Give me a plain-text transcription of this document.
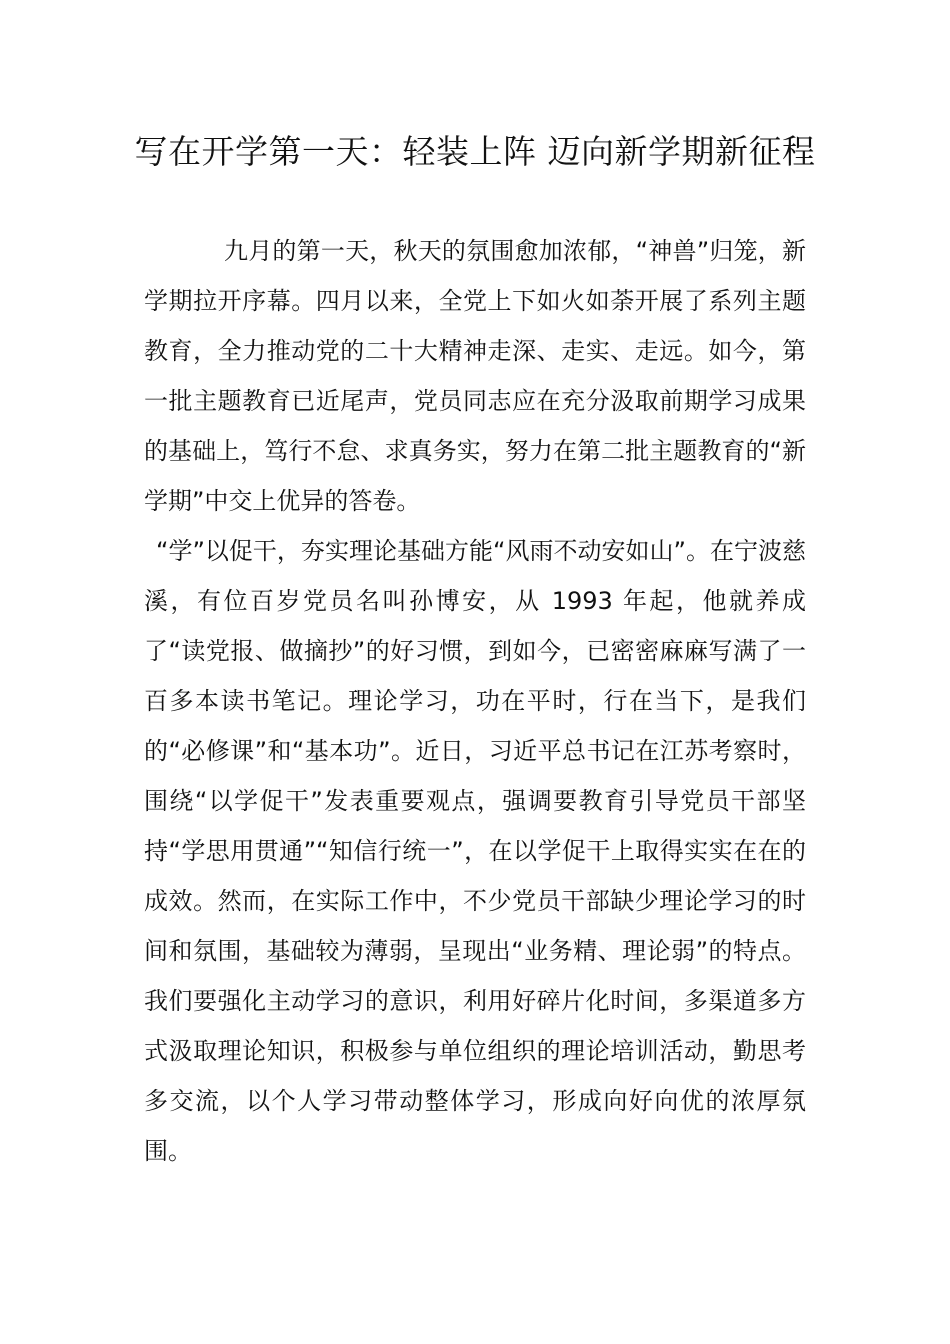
写在开学第一天：轻装上阵 迈向新学期新征程

九月的第一天，秋天的氛围愈加浓郁，“神兽”归笼，新学期拉开序幕。四月以来，全党上下如火如荼开展了系列主题教育，全力推动党的二十大精神走深、走实、走远。如今，第一批主题教育已近尾声，党员同志应在充分汲取前期学习成果的基础上，笃行不怠、求真务实，努力在第二批主题教育的“新学期”中交上优异的答卷。

“学”以促干，夯实理论基础方能“风雨不动安如山”。在宁波慈溪，有位百岁党员名叫孙博安，从 1993 年起，他就养成了“读党报、做摘抄”的好习惯，到如今，已密密麻麻写满了一百多本读书笔记。理论学习，功在平时，行在当下，是我们的“必修课”和“基本功”。近日，习近平总书记在江苏考察时，围绕“以学促干”发表重要观点，强调要教育引导党员干部坚持“学思用贯通”“知信行统一”，在以学促干上取得实实在在的成效。然而，在实际工作中，不少党员干部缺少理论学习的时间和氛围，基础较为薄弱，呈现出“业务精、理论弱”的特点。我们要强化主动学习的意识，利用好碎片化时间，多渠道多方式汲取理论知识，积极参与单位组织的理论培训活动，勤思考多交流，以个人学习带动整体学习，形成向好向优的浓厚氛围。
